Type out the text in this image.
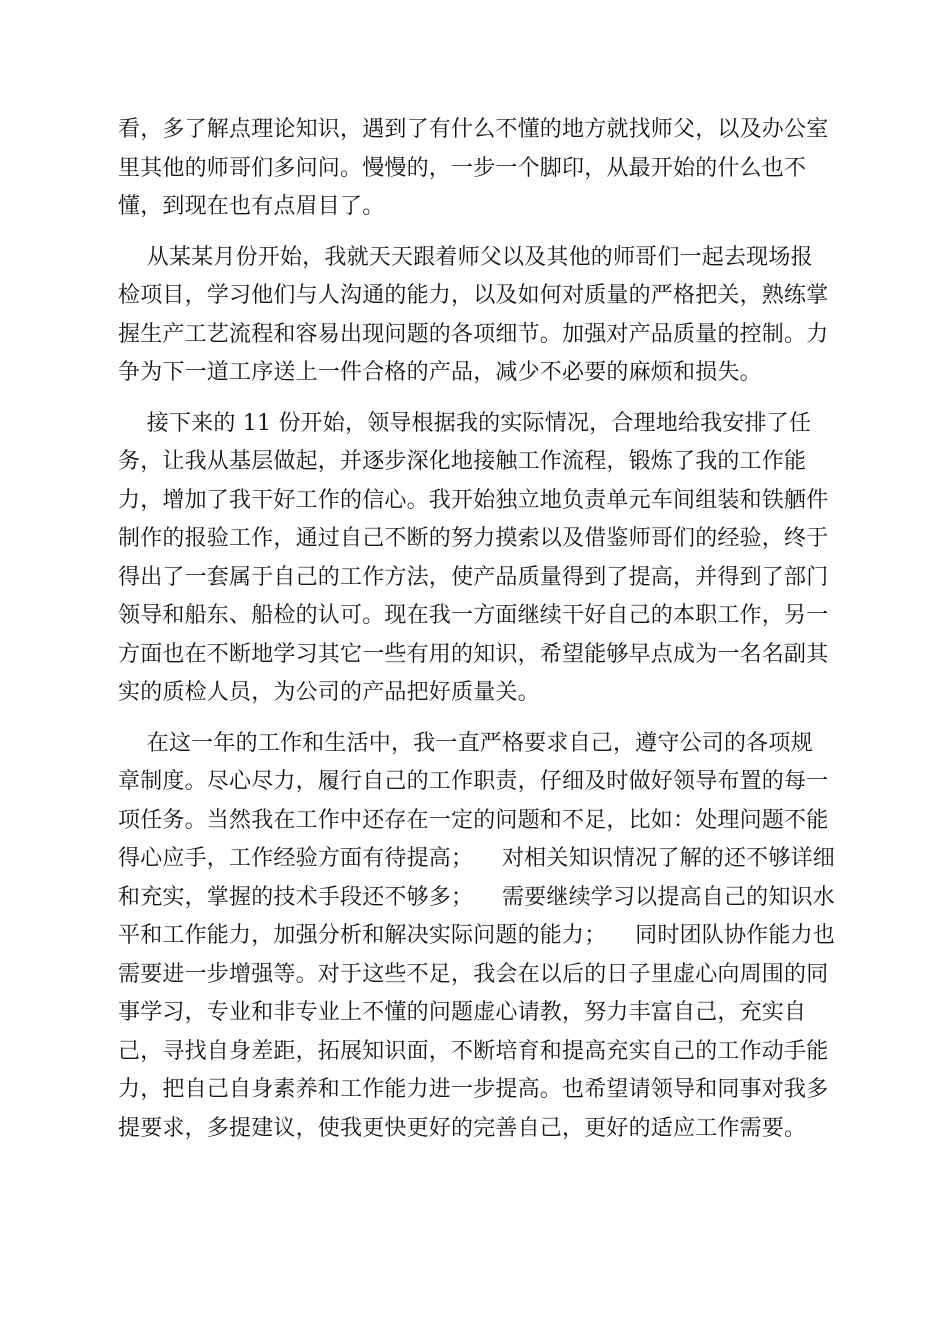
看，多了解点理论知识，遇到了有什么不懂的地方就找师父，以及办公室
里其他的师哥们多问问。慢慢的，一步一个脚印，从最开始的什么也不
懂，到现在也有点眉目了。
从某某月份开始，我就天天跟着师父以及其他的师哥们一起去现场报
检项目，学习他们与人沟通的能力，以及如何对质量的严格把关，熟练掌
握生产工艺流程和容易出现问题的各项细节。加强对产品质量的控制。力
争为下一道工序送上一件合格的产品，减少不必要的麻烦和损失。
接下来的 11 份开始，领导根据我的实际情况，合理地给我安排了任
务，让我从基层做起，并逐步深化地接触工作流程，锻炼了我的工作能
力，增加了我干好工作的信心。我开始独立地负责单元车间组装和铁舾件
制作的报验工作，通过自己不断的努力摸索以及借鉴师哥们的经验，终于
得出了一套属于自己的工作方法，使产品质量得到了提高，并得到了部门
领导和船东、船检的认可。现在我一方面继续干好自己的本职工作，另一
方面也在不断地学习其它一些有用的知识，希望能够早点成为一名名副其
实的质检人员，为公司的产品把好质量关。
在这一年的工作和生活中，我一直严格要求自己，遵守公司的各项规
章制度。尽心尽力，履行自己的工作职责，仔细及时做好领导布置的每一
项任务。当然我在工作中还存在一定的问题和不足，比如：处理问题不能
得心应手，工作经验方面有待提高；    对相关知识情况了解的还不够详细
和充实，掌握的技术手段还不够多；    需要继续学习以提高自己的知识水
平和工作能力，加强分析和解决实际问题的能力；    同时团队协作能力也
需要进一步增强等。对于这些不足，我会在以后的日子里虚心向周围的同
事学习，专业和非专业上不懂的问题虚心请教，努力丰富自己，充实自
己，寻找自身差距，拓展知识面，不断培育和提高充实自己的工作动手能
力，把自己自身素养和工作能力进一步提高。也希望请领导和同事对我多
提要求，多提建议，使我更快更好的完善自己，更好的适应工作需要。
